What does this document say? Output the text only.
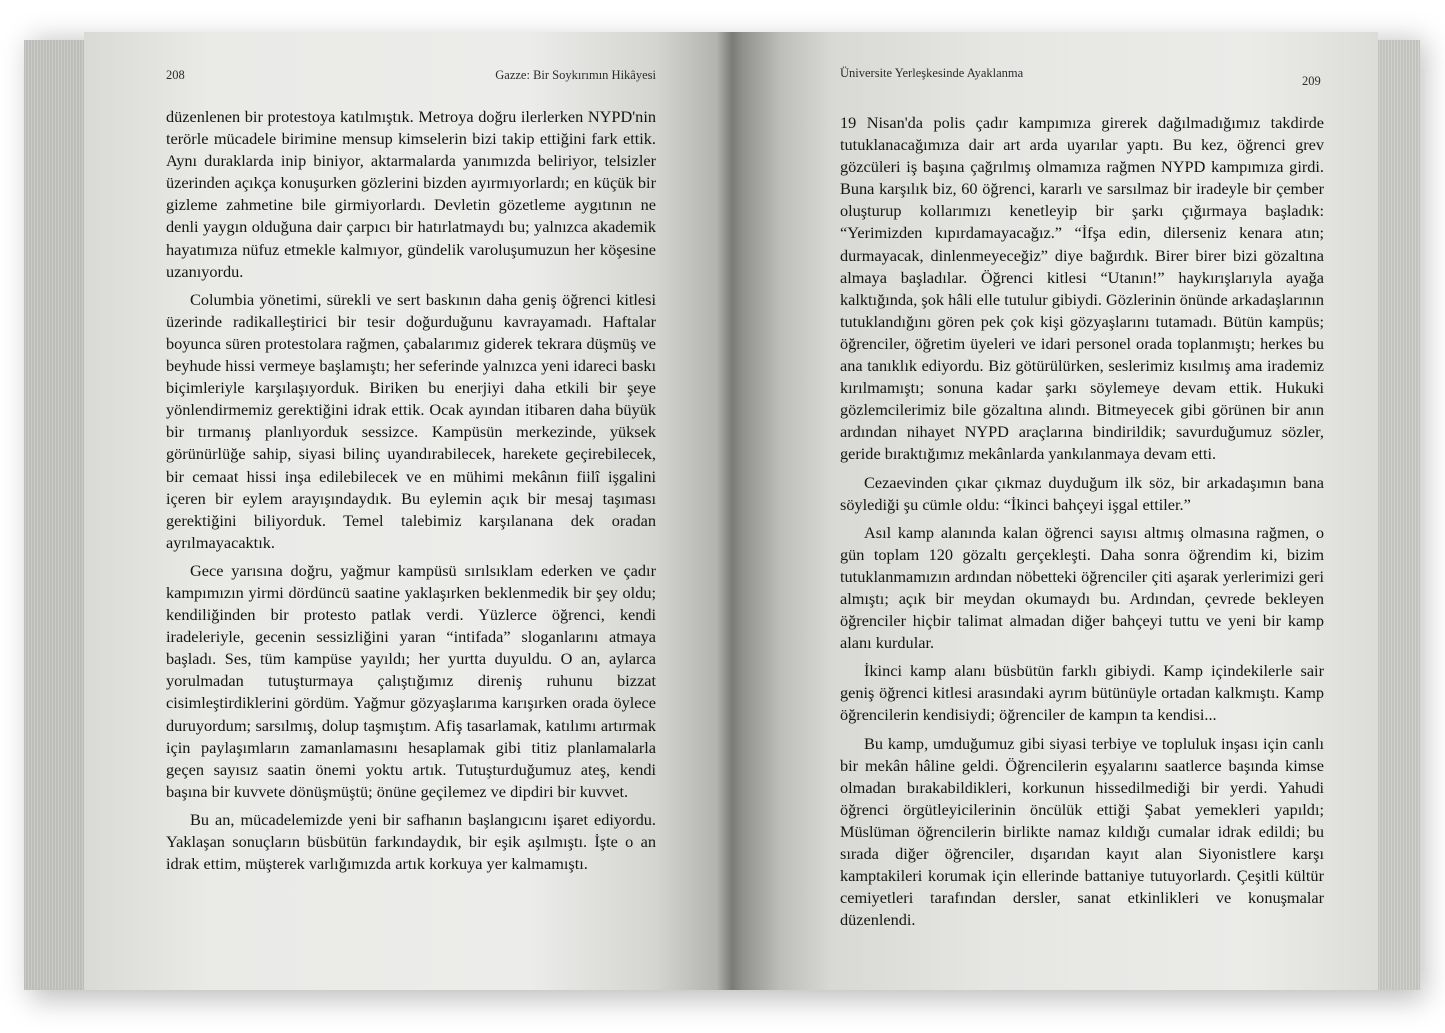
208	Gazze: Bir Soykırımın Hikâyesi

düzenlenen bir protestoya katılmıştık. Metroya doğru ilerlerken NYPD'nin terörle mücadele birimine mensup kimselerin bizi takip ettiğini fark ettik. Aynı duraklarda inip biniyor, aktarmalarda yanımızda beliriyor, telsizler üzerinden açıkça konuşurken gözlerini bizden ayırmıyorlardı; en küçük bir gizleme zahmetine bile girmiyorlardı. Devletin gözetleme aygıtının ne denli yaygın olduğuna dair çarpıcı bir hatırlatmaydı bu; yalnızca akademik hayatımıza nüfuz etmekle kalmıyor, gündelik varoluşumuzun her köşesine uzanıyordu.

Columbia yönetimi, sürekli ve sert baskının daha geniş öğrenci kitlesi üzerinde radikalleştirici bir tesir doğurduğunu kavrayamadı. Haftalar boyunca süren protestolara rağmen, çabalarımız giderek tekrara düşmüş ve beyhude hissi vermeye başlamıştı; her seferinde yalnızca yeni idareci baskı biçimleriyle karşılaşıyorduk. Biriken bu enerjiyi daha etkili bir şeye yönlendirmemiz gerektiğini idrak ettik. Ocak ayından itibaren daha büyük bir tırmanış planlıyorduk sessizce. Kampüsün merkezinde, yüksek görünürlüğe sahip, siyasi bilinç uyandırabilecek, harekete geçirebilecek, bir cemaat hissi inşa edilebilecek ve en mühimi mekânın fiilî işgalini içeren bir eylem arayışındaydık. Bu eylemin açık bir mesaj taşıması gerektiğini biliyorduk. Temel talebimiz karşılanana dek oradan ayrılmayacaktık.

Gece yarısına doğru, yağmur kampüsü sırılsıklam ederken ve çadır kampımızın yirmi dördüncü saatine yaklaşırken beklenmedik bir şey oldu; kendiliğinden bir protesto patlak verdi. Yüzlerce öğrenci, kendi iradeleriyle, gecenin sessizliğini yaran “intifada” sloganlarını atmaya başladı. Ses, tüm kampüse yayıldı; her yurtta duyuldu. O an, aylarca yorulmadan tutuşturmaya çalıştığımız direniş ruhunu bizzat cisimleştirdiklerini gördüm. Yağmur gözyaşlarıma karışırken orada öylece duruyordum; sarsılmış, dolup taşmıştım. Afiş tasarlamak, katılımı artırmak için paylaşımların zamanlamasını hesaplamak gibi titiz planlamalarla geçen sayısız saatin önemi yoktu artık. Tutuşturduğumuz ateş, kendi başına bir kuvvete dönüşmüştü; önüne geçilemez ve dipdiri bir kuvvet.

Bu an, mücadelemizde yeni bir safhanın başlangıcını işaret ediyordu. Yaklaşan sonuçların büsbütün farkındaydık, bir eşik aşılmıştı. İşte o an idrak ettim, müşterek varlığımızda artık korkuya yer kalmamıştı.

Üniversite Yerleşkesinde Ayaklanma
209

19 Nisan'da polis çadır kampımıza girerek dağılmadığımız takdirde tutuklanacağımıza dair art arda uyarılar yaptı. Bu kez, öğrenci grev gözcüleri iş başına çağrılmış olmamıza rağmen NYPD kampımıza girdi. Buna karşılık biz, 60 öğrenci, kararlı ve sarsılmaz bir iradeyle bir çember oluşturup kollarımızı kenetleyip bir şarkı çığırmaya başladık: “Yerimizden kıpırdamayacağız.” “İfşa edin, dilerseniz kenara atın; durmayacak, dinlenmeyeceğiz” diye bağırdık. Birer birer bizi gözaltına almaya başladılar. Öğrenci kitlesi “Utanın!” haykırışlarıyla ayağa kalktığında, şok hâli elle tutulur gibiydi. Gözlerinin önünde arkadaşlarının tutuklandığını gören pek çok kişi gözyaşlarını tutamadı. Bütün kampüs; öğrenciler, öğretim üyeleri ve idari personel orada toplanmıştı; herkes bu ana tanıklık ediyordu. Biz götürülürken, seslerimiz kısılmış ama irademiz kırılmamıştı; sonuna kadar şarkı söylemeye devam ettik. Hukuki gözlemcilerimiz bile gözaltına alındı. Bitmeyecek gibi görünen bir anın ardından nihayet NYPD araçlarına bindirildik; savurduğumuz sözler, geride bıraktığımız mekânlarda yankılanmaya devam etti.

Cezaevinden çıkar çıkmaz duyduğum ilk söz, bir arkadaşımın bana söylediği şu cümle oldu: “İkinci bahçeyi işgal ettiler.”

Asıl kamp alanında kalan öğrenci sayısı altmış olmasına rağmen, o gün toplam 120 gözaltı gerçekleşti. Daha sonra öğrendim ki, bizim tutuklanmamızın ardından nöbetteki öğrenciler çiti aşarak yerlerimizi geri almıştı; açık bir meydan okumaydı bu. Ardından, çevrede bekleyen öğrenciler hiçbir talimat almadan diğer bahçeyi tuttu ve yeni bir kamp alanı kurdular.

İkinci kamp alanı büsbütün farklı gibiydi. Kamp içindekilerle sair geniş öğrenci kitlesi arasındaki ayrım bütünüyle ortadan kalkmıştı. Kamp öğrencilerin kendisiydi; öğrenciler de kampın ta kendisi...

Bu kamp, umduğumuz gibi siyasi terbiye ve topluluk inşası için canlı bir mekân hâline geldi. Öğrencilerin eşyalarını saatlerce başında kimse olmadan bırakabildikleri, korkunun hissedilmediği bir yerdi. Yahudi öğrenci örgütleyicilerinin öncülük ettiği Şabat yemekleri yapıldı; Müslüman öğrencilerin birlikte namaz kıldığı cumalar idrak edildi; bu sırada diğer öğrenciler, dışarıdan kayıt alan Siyonistlere karşı kamptakileri korumak için ellerinde battaniye tutuyorlardı. Çeşitli kültür cemiyetleri tarafından dersler, sanat etkinlikleri ve konuşmalar düzenlendi.
